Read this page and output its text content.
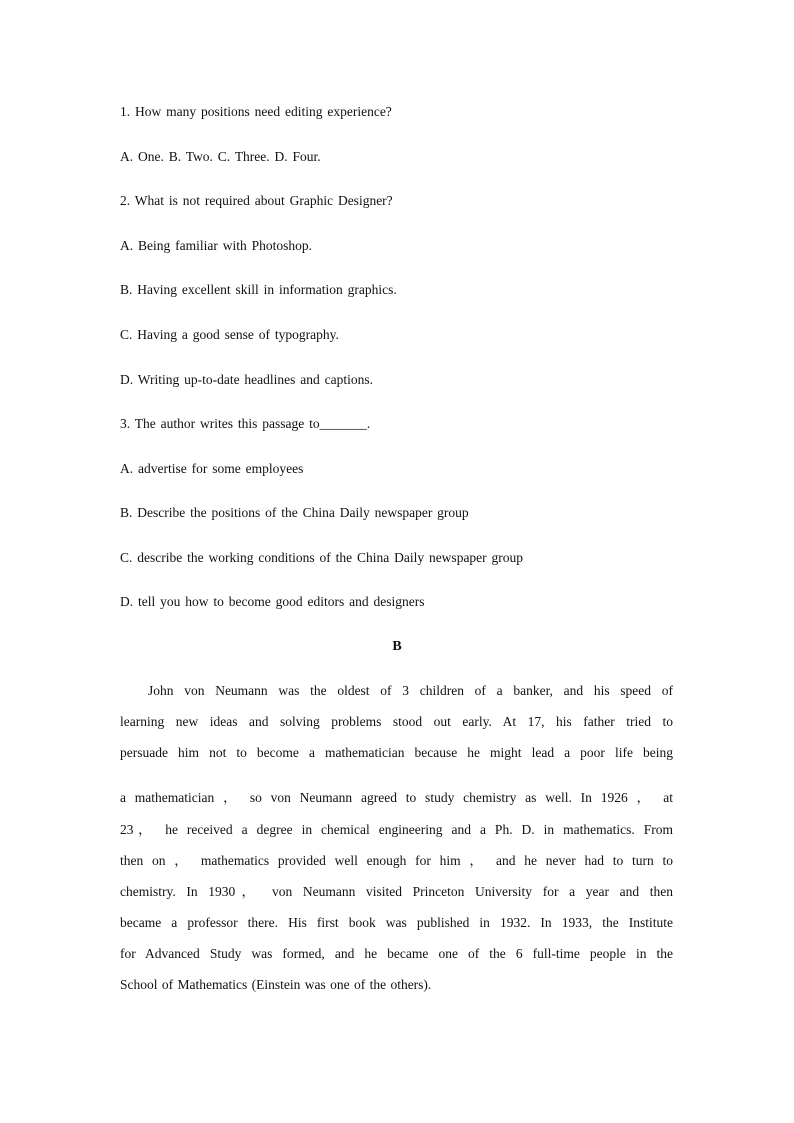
1. How many positions need editing experience?
A. One. B. Two. C. Three. D. Four.
2. What is not required about Graphic Designer?
A. Being familiar with Photoshop.
B. Having excellent skill in information graphics.
C. Having a good sense of typography.
D. Writing up-to-date headlines and captions.
3. The author writes this passage to_______.
A. advertise for some employees
B. Describe the positions of the China Daily newspaper group
C. describe the working conditions of the China Daily newspaper group
D. tell you how to become good editors and designers
B
John von Neumann was the oldest of 3 children of a banker, and his speed of
learning new ideas and solving problems stood out early. At 17, his father tried to
persuade him not to become a mathematician because he might lead a poor life being
a mathematician ， so von Neumann agreed to study chemistry as well. In 1926 ， at
23， he received a degree in chemical engineering and a Ph. D. in mathematics. From
then on ， mathematics provided well enough for him ， and he never had to turn to
chemistry. In 1930， von Neumann visited Princeton University for a year and then
became a professor there. His first book was published in 1932. In 1933, the Institute
for Advanced Study was formed, and he became one of the 6 full-time people in the
School of Mathematics (Einstein was one of the others).
